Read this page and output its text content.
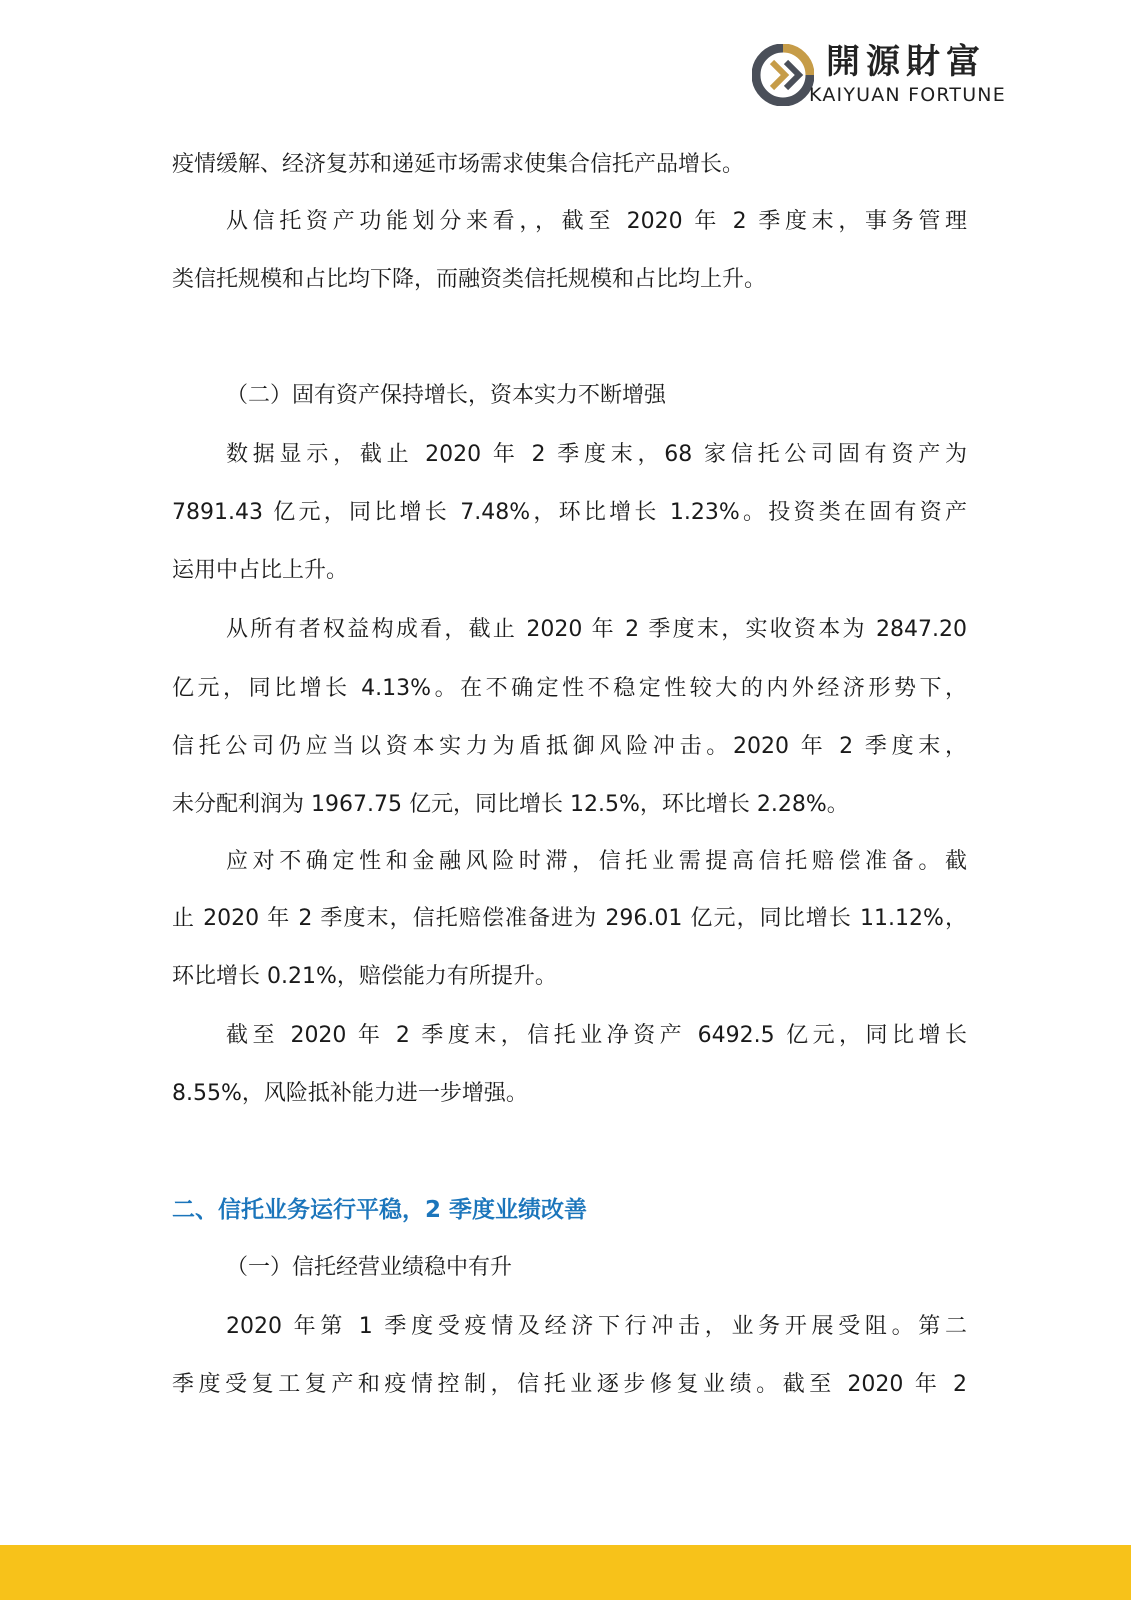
開源財富
KAIYUAN FORTUNE
疫情缓解、经济复苏和递延市场需求使集合信托产品增长。
从信托资产功能划分来看，，截至 2020 年 2 季度末，事务管理
类信托规模和占比均下降，而融资类信托规模和占比均上升。
（二）固有资产保持增长，资本实力不断增强
数据显示，截止 2020 年 2 季度末，68 家信托公司固有资产为
7891.43 亿元，同比增长 7.48%，环比增长 1.23%。投资类在固有资产
运用中占比上升。
从所有者权益构成看，截止 2020 年 2 季度末，实收资本为 2847.20
亿元，同比增长 4.13%。在不确定性不稳定性较大的内外经济形势下，
信托公司仍应当以资本实力为盾抵御风险冲击。2020 年 2 季度末，
未分配利润为 1967.75 亿元，同比增长 12.5%，环比增长 2.28%。
应对不确定性和金融风险时滞，信托业需提高信托赔偿准备。截
止 2020 年 2 季度末，信托赔偿准备进为 296.01 亿元，同比增长 11.12%，
环比增长 0.21%，赔偿能力有所提升。
截至 2020 年 2 季度末，信托业净资产 6492.5 亿元，同比增长
8.55%，风险抵补能力进一步增强。
二、信托业务运行平稳，2 季度业绩改善
（一）信托经营业绩稳中有升
2020 年第 1 季度受疫情及经济下行冲击，业务开展受阻。第二
季度受复工复产和疫情控制，信托业逐步修复业绩。截至 2020 年 2
